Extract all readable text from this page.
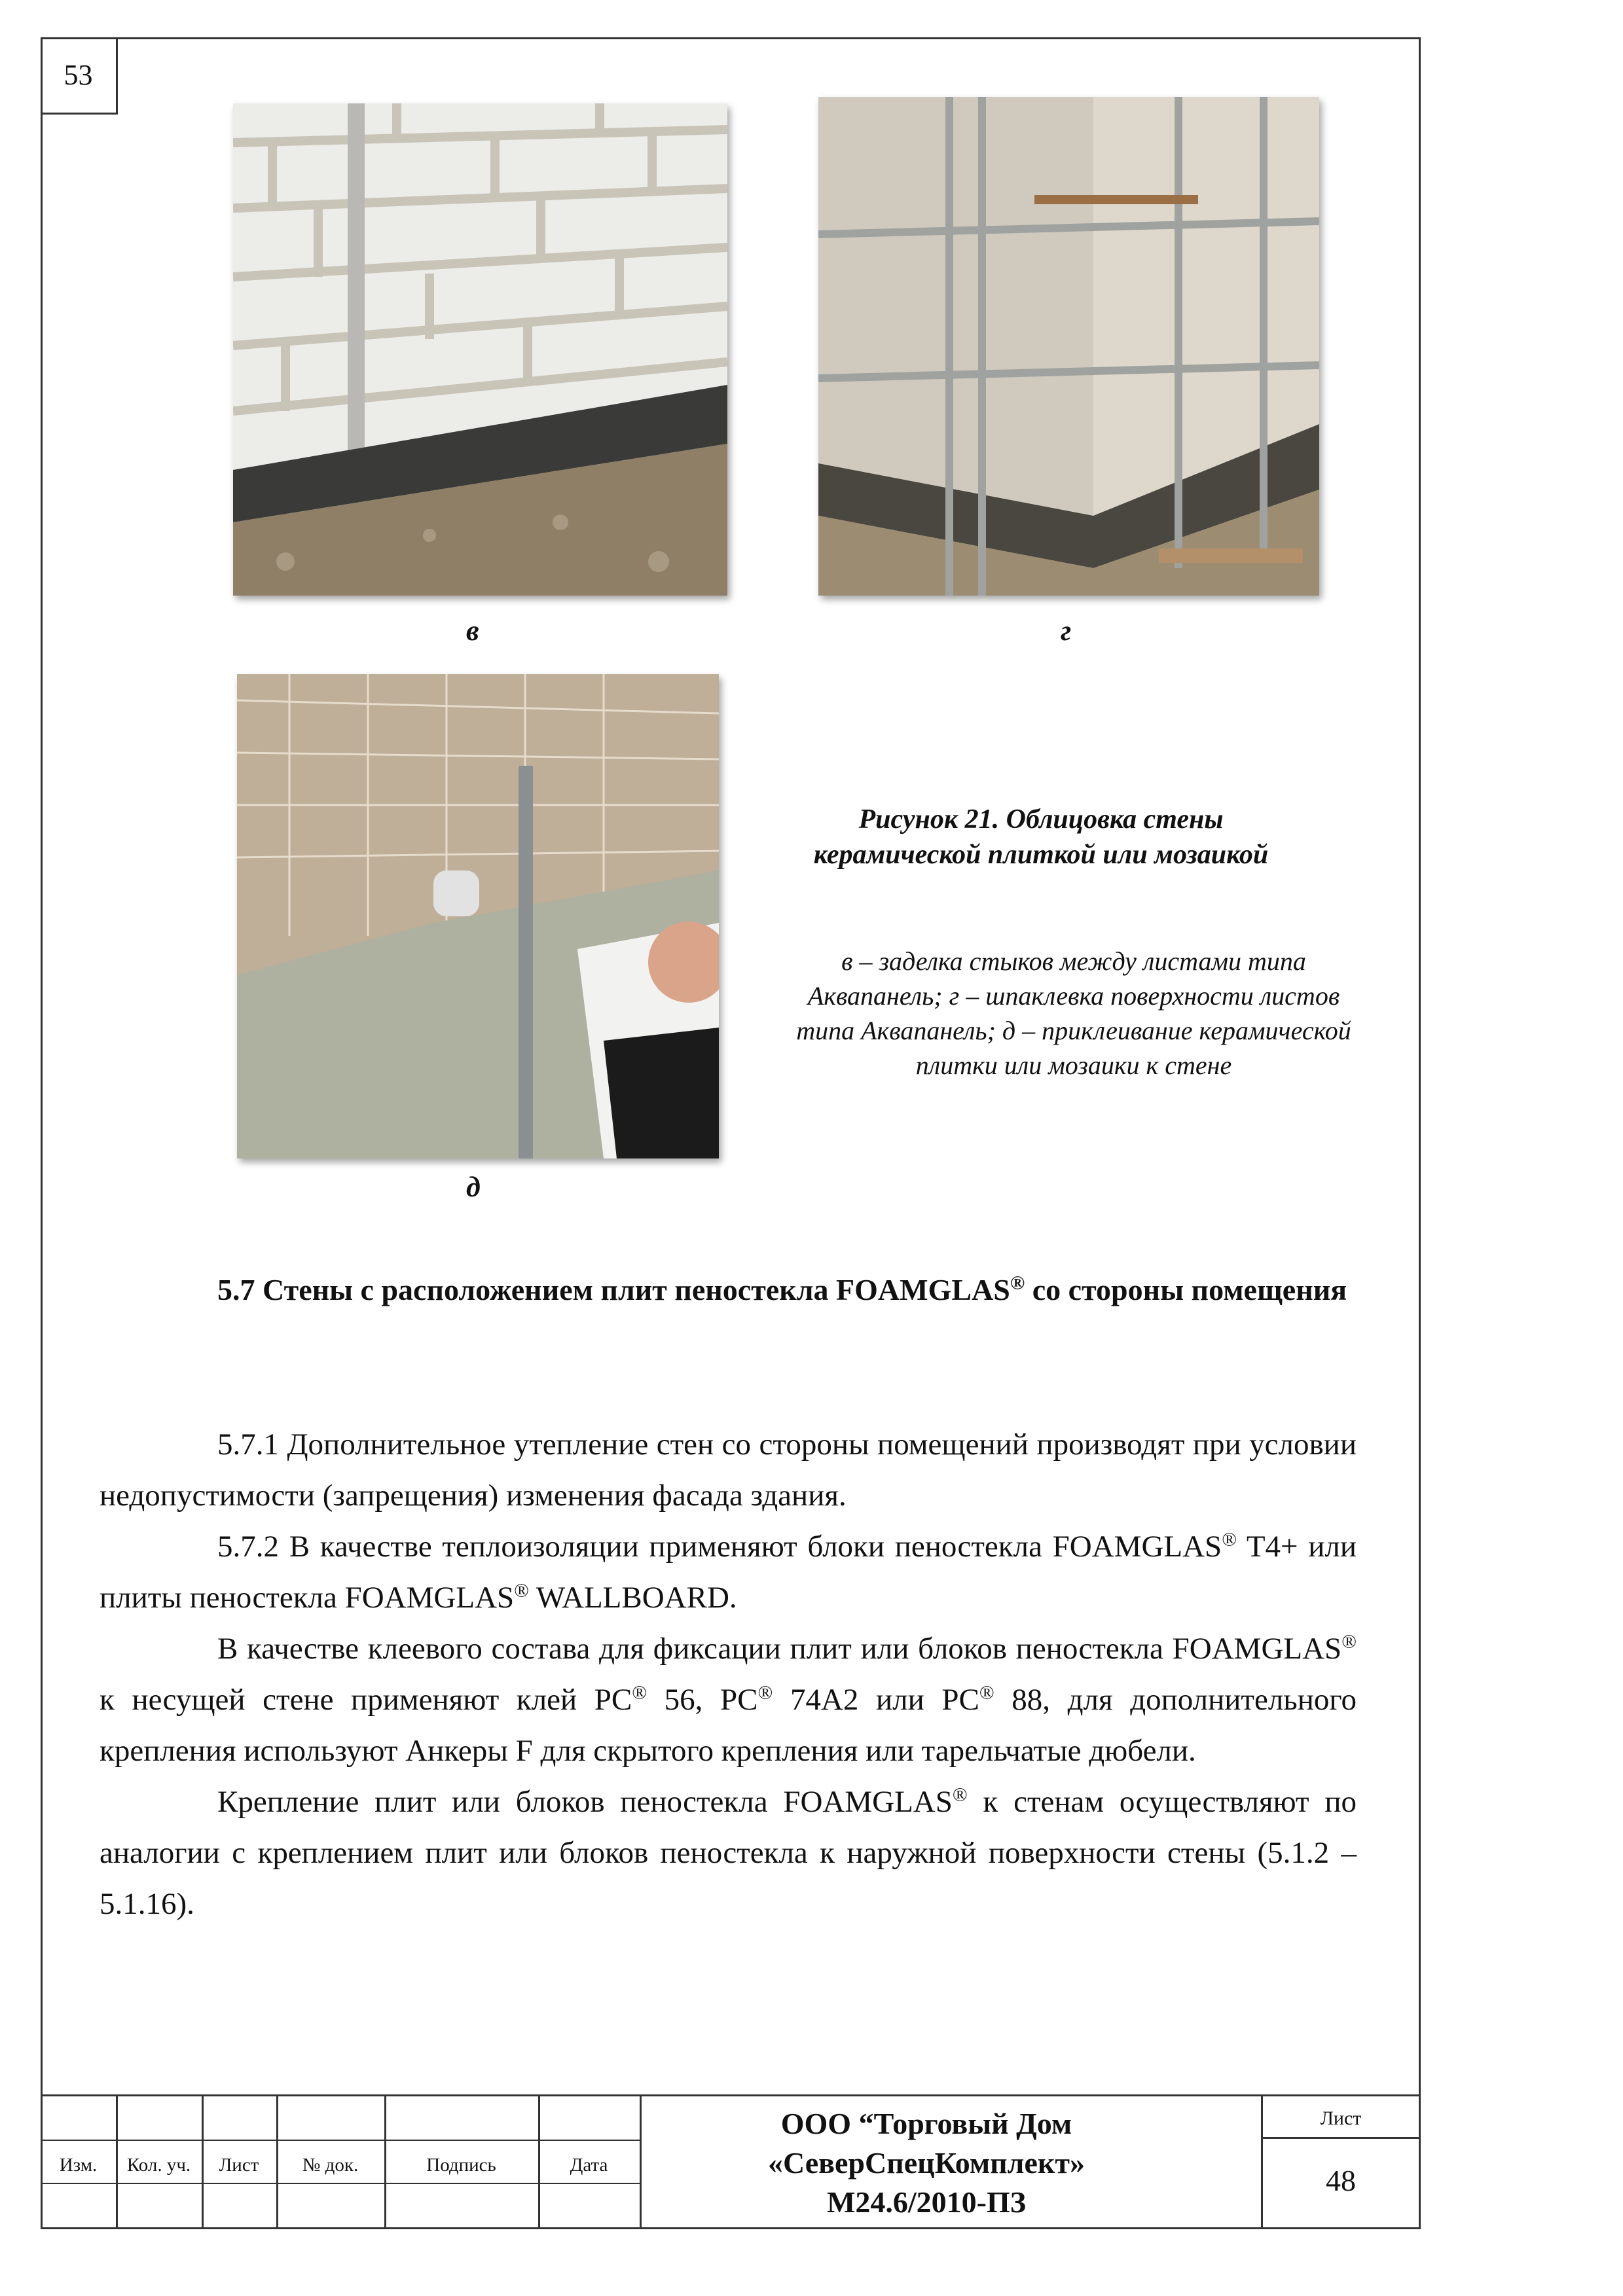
53
в	г
д
Рисунок 21. Облицовка стены керамической плиткой или мозаикой
в – заделка стыков между листами типа Аквапанель; г – шпаклевка поверхности листов типа Аквапанель; д – приклеивание керамической плитки или мозаики к стене
5.7 Стены с расположением плит пеностекла FOAMGLAS® со стороны помещения

5.7.1 Дополнительное утепление стен со стороны помещений производят при условии недопустимости (запрещения) изменения фасада здания.

5.7.2 В качестве теплоизоляции применяют блоки пеностекла FOAMGLAS® T4+ или плиты пеностекла FOAMGLAS® WALLBOARD.

В качестве клеевого состава для фиксации плит или блоков пеностекла FOAMGLAS® к несущей стене применяют клей PC® 56, PC® 74A2 или PC® 88, для дополнительного крепления используют Анкеры F для скрытого крепления или тарельчатые дюбели.

Крепление плит или блоков пеностекла FOAMGLAS® к стенам осуществляют по аналогии с креплением плит или блоков пеностекла к наружной поверхности стены (5.1.2 – 5.1.16).

Изм.	Кол. уч.	Лист	№ док.	Подпись	Дата
ООО “Торговый Дом
«СеверСпецКомплект»
М24.6/2010-ПЗ
Лист
48
